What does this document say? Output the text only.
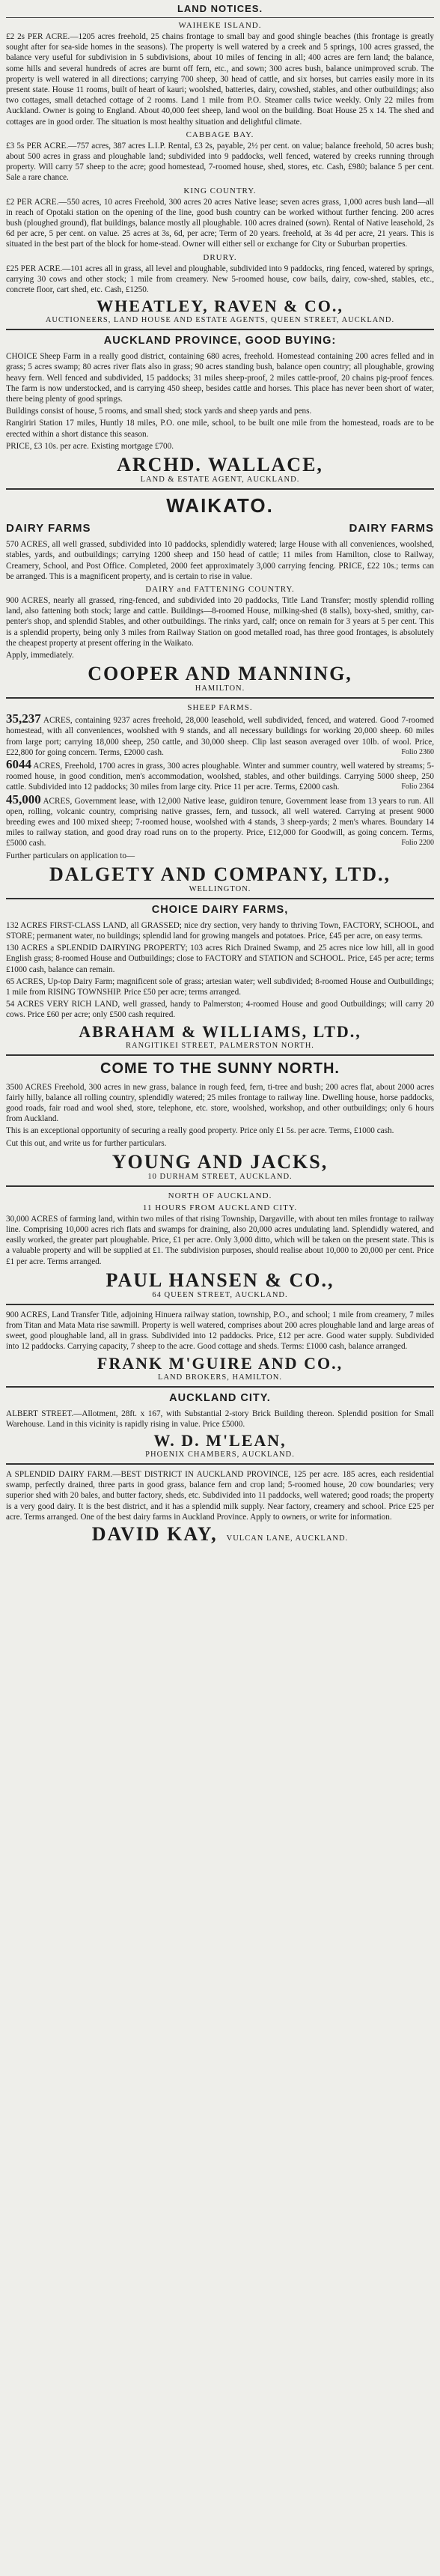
LAND NOTICES.
WAIHEKE ISLAND.

£2 2s PER ACRE.—1205 acres freehold, 25 chains frontage to small bay and good shingle beaches (this frontage is greatly sought after for sea-side homes in the seasons). The property is well watered by a creek and 5 springs, 100 acres grassed, the balance very useful for subdivision in 5 subdivisions, about 10 miles of fencing in all; 400 acres are fern land; the balance, some hills and several hundreds of acres are burnt off fern, etc., and sown; 300 acres bush, balance unimproved scrub. The property is well watered in all directions; carrying 700 sheep, 30 head of cattle, and six horses, but carries easily more in its present state. House 11 rooms, built of heart of kauri; woolshed, batteries, dairy, cowshed, stables, and other outbuildings; also two cottages, small detached cottage of 2 rooms. Land 1 mile from P.O. Steamer calls twice weekly. Only 22 miles from Auckland. Owner is going to England. About 40,000 feet sheep, land wool on the building. Boat House 25 x 14. The shed and cottages are in good order. The situation is most healthy situation and delightful climate.

CABBAGE BAY.

£3 5s PER ACRE.—757 acres, 387 acres L.I.P. Rental, £3 2s, payable, 2½ per cent. on value; balance freehold, 50 acres bush; about 500 acres in grass and ploughable land; subdivided into 9 paddocks, well fenced, watered by creeks running through property. Will carry 57 sheep to the acre; good homestead, 7-roomed house, shed, stores, etc. Cash, £980; balance 5 per cent. Sale a rare chance.

KING COUNTRY.

£2 PER ACRE.—550 acres, 10 acres Freehold, 300 acres 20 acres Native lease; seven acres grass, 1,000 acres bush land—all in reach of Opotaki station on the opening of the line, good bush country can be worked without further fencing. 200 acres bush (ploughed ground), flat buildings, balance mostly all ploughable. 100 acres drained (sown). Rental of Native leasehold, 2s 6d per acre, 5 per cent. on value. 25 acres at 3s, 6d, per acre; Term of 20 years. freehold, at 3s 4d per acre, 21 years. This is situated in the best part of the block for home-stead. Owner will either sell or exchange for City or Suburban properties.

DRURY.

£25 PER ACRE.—101 acres all in grass, all level and ploughable, subdivided into 9 paddocks, ring fenced, watered by springs, carrying 30 cows and other stock; 1 mile from creamery. New 5-roomed house, cow bails, dairy, cow-shed, stables, etc., concrete floor, cart shed, etc. Cash, £1250.

WHEATLEY, RAVEN & CO.,
AUCTIONEERS, LAND HOUSE AND ESTATE AGENTS, QUEEN STREET, AUCKLAND.
AUCKLAND PROVINCE, GOOD BUYING:

CHOICE Sheep Farm in a really good district, containing 680 acres, freehold. Homestead containing 200 acres felled and in grass; 5 acres swamp; 80 acres river flats also in grass; 90 acres standing bush, balance open country; all ploughable, growing heavy fern. Well fenced and subdivided, 15 paddocks; 31 miles sheep-proof, 2 miles cattle-proof, 20 chains pig-proof fences. The farm is now understocked, and is carrying 450 sheep, besides cattle and horses. This place has never been short of water, there being plenty of good springs.

Buildings consist of house, 5 rooms, and small shed; stock yards and sheep yards and pens.

Rangiriri Station 17 miles, Huntly 18 miles, P.O. one mile, school, to be built one mile from the homestead, roads are to be erected within a short distance this season.

PRICE, £3 10s. per acre. Existing mortgage £700.

ARCHD. WALLACE,
LAND & ESTATE AGENT, AUCKLAND.
WAIKATO.
DAIRY FARMS	DAIRY FARMS

570 ACRES, all well grassed, subdivided into 10 paddocks, splendidly watered; large House with all conveniences, woolshed, stables, yards, and outbuildings; carrying 1200 sheep and 150 head of cattle; 11 miles from Hamilton, close to Railway, Creamery, School, and Post Office. Completed, 2000 feet approximately 3,000 carrying fencing. PRICE, £22 10s.; terms can be arranged. This is a magnificent property, and is certain to rise in value.

DAIRY and FATTENING COUNTRY.

900 ACRES, nearly all grassed, ring-fenced, and subdivided into 20 paddocks, Title Land Transfer; mostly splendid rolling land, also fattening both stock; large and cattle. Buildings—8-roomed House, milking-shed (8 stalls), boxy-shed, smithy, car-penter's shop, and splendid Stables, and other outbuildings. The rinks yard, calf; once on remain for 3 years at 5 per cent. This is a splendid property, being only 3 miles from Railway Station on good metalled road, has three good frontages, is absolutely the cheapest property at present offering in the Waikato.

Apply, immediately.

COOPER AND MANNING,
HAMILTON.
SHEEP FARMS.

35,237 ACRES, containing 9237 acres freehold, 28,000 leasehold, well subdivided, fenced, and watered. Good 7-roomed homestead, with all conveniences, woolshed with 9 stands, and all necessary buildings for working 20,000 sheep. 60 miles from large port; carrying 18,000 sheep, 250 cattle, and 30,000 sheep. Clip last season averaged over 10lb. of wool. Price, £22,800 for going concern. Terms, £2000 cash.	Folio 2360

6044 ACRES, Freehold, 1700 acres in grass, 300 acres ploughable. Winter and summer country, well watered by streams; 5-roomed house, in good condition, men's accommodation, woolshed, stables, and other buildings. Carrying 5000 sheep, 250 cattle. Subdivided into 12 paddocks; 30 miles from large city. Price 11 per acre. Terms, £2000 cash.	Folio 2364

45,000 ACRES, Government lease, with 12,000 Native lease, guidiron tenure, Government lease from 13 years to run. All open, rolling, volcanic country, comprising native grasses, fern, and tussock, all well watered. Carrying at present 9000 breeding ewes and 100 mixed sheep; 7-roomed house, woolshed with 4 stands, 3 sheep-yards; 2 men's whares. Boundary 14 miles to railway station, and good dray road runs on to the property. Price, £12,000 for Goodwill, as going concern. Terms, £5000 cash.	Folio 2200

Further particulars on application to—

DALGETY AND COMPANY, LTD.,
WELLINGTON.
CHOICE DAIRY FARMS,

132 ACRES FIRST-CLASS LAND, all GRASSED; nice dry section, very handy to thriving Town, FACTORY, SCHOOL, and STORE; permanent water, no buildings; splendid land for growing mangels and potatoes. Price, £45 per acre, on easy terms.

130 ACRES a SPLENDID DAIRYING PROPERTY; 103 acres Rich Drained Swamp, and 25 acres nice low hill, all in good English grass; 8-roomed House and Outbuildings; close to FACTORY and STATION and SCHOOL. Price, £45 per acre; terms £1000 cash, balance can remain.

65 ACRES, Up-top Dairy Farm; magnificent sole of grass; artesian water; well subdivided; 8-roomed House and Outbuildings; 1 mile from RISING TOWNSHIP. Price £50 per acre; terms arranged.

54 ACRES VERY RICH LAND, well grassed, handy to Palmerston; 4-roomed House and good Outbuildings; will carry 20 cows. Price £60 per acre; only £500 cash required.

ABRAHAM & WILLIAMS, LTD.,
RANGITIKEI STREET, PALMERSTON NORTH.
COME TO THE SUNNY NORTH.

3500 ACRES Freehold, 300 acres in new grass, balance in rough feed, fern, ti-tree and bush; 200 acres flat, about 2000 acres fairly hilly, balance all rolling country, splendidly watered; 25 miles frontage to railway line. Dwelling house, horse paddocks, good roads, fair road and wool shed, store, telephone, etc. store, woolshed, workshop, and other outbuildings; only 6 hours from Auckland.

This is an exceptional opportunity of securing a really good property. Price only £1 5s. per acre. Terms, £1000 cash.

Cut this out, and write us for further particulars.

YOUNG AND JACKS,
10 DURHAM STREET, AUCKLAND.
NORTH OF AUCKLAND.
11 HOURS FROM AUCKLAND CITY.

30,000 ACRES of farming land, within two miles of that rising Township, Dargaville, with about ten miles frontage to railway line. Comprising 10,000 acres rich flats and swamps for draining, also 20,000 acres undulating land. Splendidly watered, and easily worked, the greater part ploughable. Price, £1 per acre. Only 3,000 ditto, which will be taken on the present state. This is a valuable property and will be supplied at £1. The subdivision purposes, should realise about 10,000 to 20,000 per cent. Price £1 per acre. Terms arranged.

PAUL HANSEN & CO.,
64 QUEEN STREET, AUCKLAND.

900 ACRES, Land Transfer Title, adjoining Hinuera railway station, township, P.O., and school; 1 mile from creamery, 7 miles from Titan and Mata Mata rise sawmill. Property is well watered, comprises about 200 acres ploughable land and large areas of sweet, good ploughable land, all in grass. Subdivided into 12 paddocks. Price, £12 per acre. Good water supply. Subdivided into 12 paddocks. Carrying capacity, 7 sheep to the acre. Good cottage and sheds. Terms: £1000 cash, balance arranged.

FRANK M'GUIRE AND CO.,
LAND BROKERS, HAMILTON.
AUCKLAND CITY.

ALBERT STREET.—Allotment, 28ft. x 167, with Substantial 2-story Brick Building thereon. Splendid position for Small Warehouse. Land in this vicinity is rapidly rising in value. Price £5000.

W. D. M'LEAN,
PHOENIX CHAMBERS, AUCKLAND.

A SPLENDID DAIRY FARM.—BEST DISTRICT IN AUCKLAND PROVINCE, 125 per acre. 185 acres, each residential swamp, perfectly drained, three parts in good grass, balance fern and crop land; 5-roomed house, 20 cow boundaries; very superior shed with 20 bales, and butter factory, sheds, etc. Subdivided into 11 paddocks, well watered; good roads; the property is a very good dairy. It is the best district, and it has a splendid milk supply. Near factory, creamery and school. Price £25 per acre. Terms arranged. One of the best dairy farms in Auckland Province. Apply to owners, or write for information.

DAVID KAY, VULCAN LANE, AUCKLAND.
